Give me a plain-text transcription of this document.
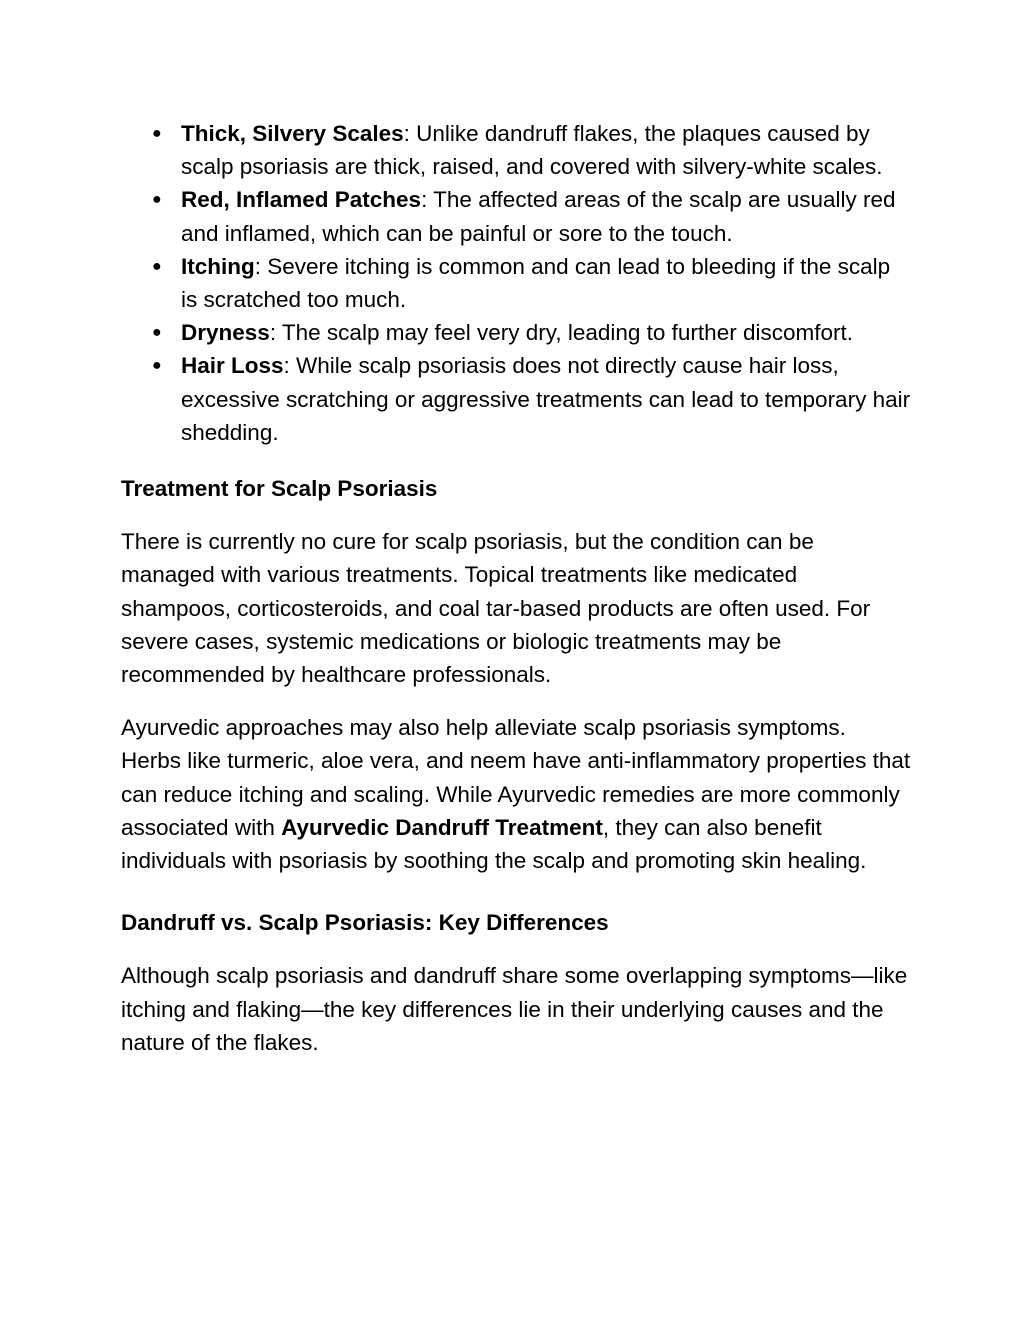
● Thick, Silvery Scales: Unlike dandruff flakes, the plaques caused by scalp psoriasis are thick, raised, and covered with silvery-white scales.
● Red, Inflamed Patches: The affected areas of the scalp are usually red and inflamed, which can be painful or sore to the touch.
● Itching: Severe itching is common and can lead to bleeding if the scalp is scratched too much.
● Dryness: The scalp may feel very dry, leading to further discomfort.
● Hair Loss: While scalp psoriasis does not directly cause hair loss, excessive scratching or aggressive treatments can lead to temporary hair shedding.
Treatment for Scalp Psoriasis

There is currently no cure for scalp psoriasis, but the condition can be managed with various treatments. Topical treatments like medicated shampoos, corticosteroids, and coal tar-based products are often used. For severe cases, systemic medications or biologic treatments may be recommended by healthcare professionals.

Ayurvedic approaches may also help alleviate scalp psoriasis symptoms. Herbs like turmeric, aloe vera, and neem have anti-inflammatory properties that can reduce itching and scaling. While Ayurvedic remedies are more commonly associated with Ayurvedic Dandruff Treatment, they can also benefit individuals with psoriasis by soothing the scalp and promoting skin healing.

Dandruff vs. Scalp Psoriasis: Key Differences

Although scalp psoriasis and dandruff share some overlapping symptoms—like itching and flaking—the key differences lie in their underlying causes and the nature of the flakes.
